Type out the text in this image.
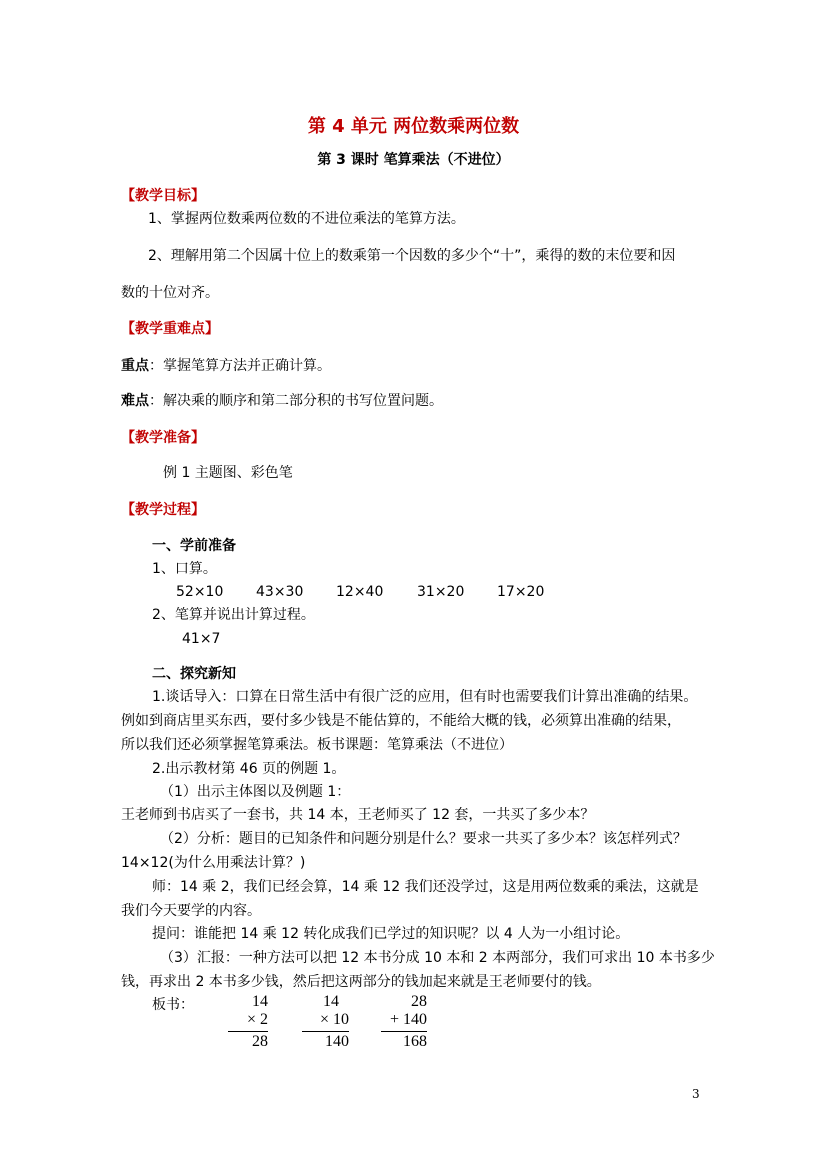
第 4 单元 两位数乘两位数
第 3 课时 笔算乘法（不进位）
【教学目标】
1、掌握两位数乘两位数的不进位乘法的笔算方法。
2、理解用第二个因属十位上的数乘第一个因数的多少个“十”，乘得的数的末位要和因
数的十位对齐。
【教学重难点】
重点：掌握笔算方法并正确计算。
难点：解决乘的顺序和第二部分积的书写位置问题。
【教学准备】
例 1 主题图、彩色笔
【教学过程】
一、学前准备
1、口算。
52×10 43×30 12×40 31×20 17×20
2、笔算并说出计算过程。
41×7
二、探究新知
1.谈话导入：口算在日常生活中有很广泛的应用，但有时也需要我们计算出准确的结果。
例如到商店里买东西，要付多少钱是不能估算的，不能给大概的钱，必须算出准确的结果，
所以我们还必须掌握笔算乘法。板书课题：笔算乘法（不进位）
2.出示教材第 46 页的例题 1。
（1）出示主体图以及例题 1：
王老师到书店买了一套书，共 14 本，王老师买了 12 套，一共买了多少本？
（2）分析：题目的已知条件和问题分别是什么？要求一共买了多少本？该怎样列式？
14×12(为什么用乘法计算？)
师：14 乘 2，我们已经会算，14 乘 12 我们还没学过，这是用两位数乘的乘法，这就是
我们今天要学的内容。
提问：谁能把 14 乘 12 转化成我们已学过的知识呢？以 4 人为一小组讨论。
（3）汇报：一种方法可以把 12 本书分成 10 本和 2 本两部分，我们可求出 10 本书多少
钱，再求出 2 本书多少钱，然后把这两部分的钱加起来就是王老师要付的钱。
板书：	14
× 2
28
14
× 10
140
28
+ 140
168
3
